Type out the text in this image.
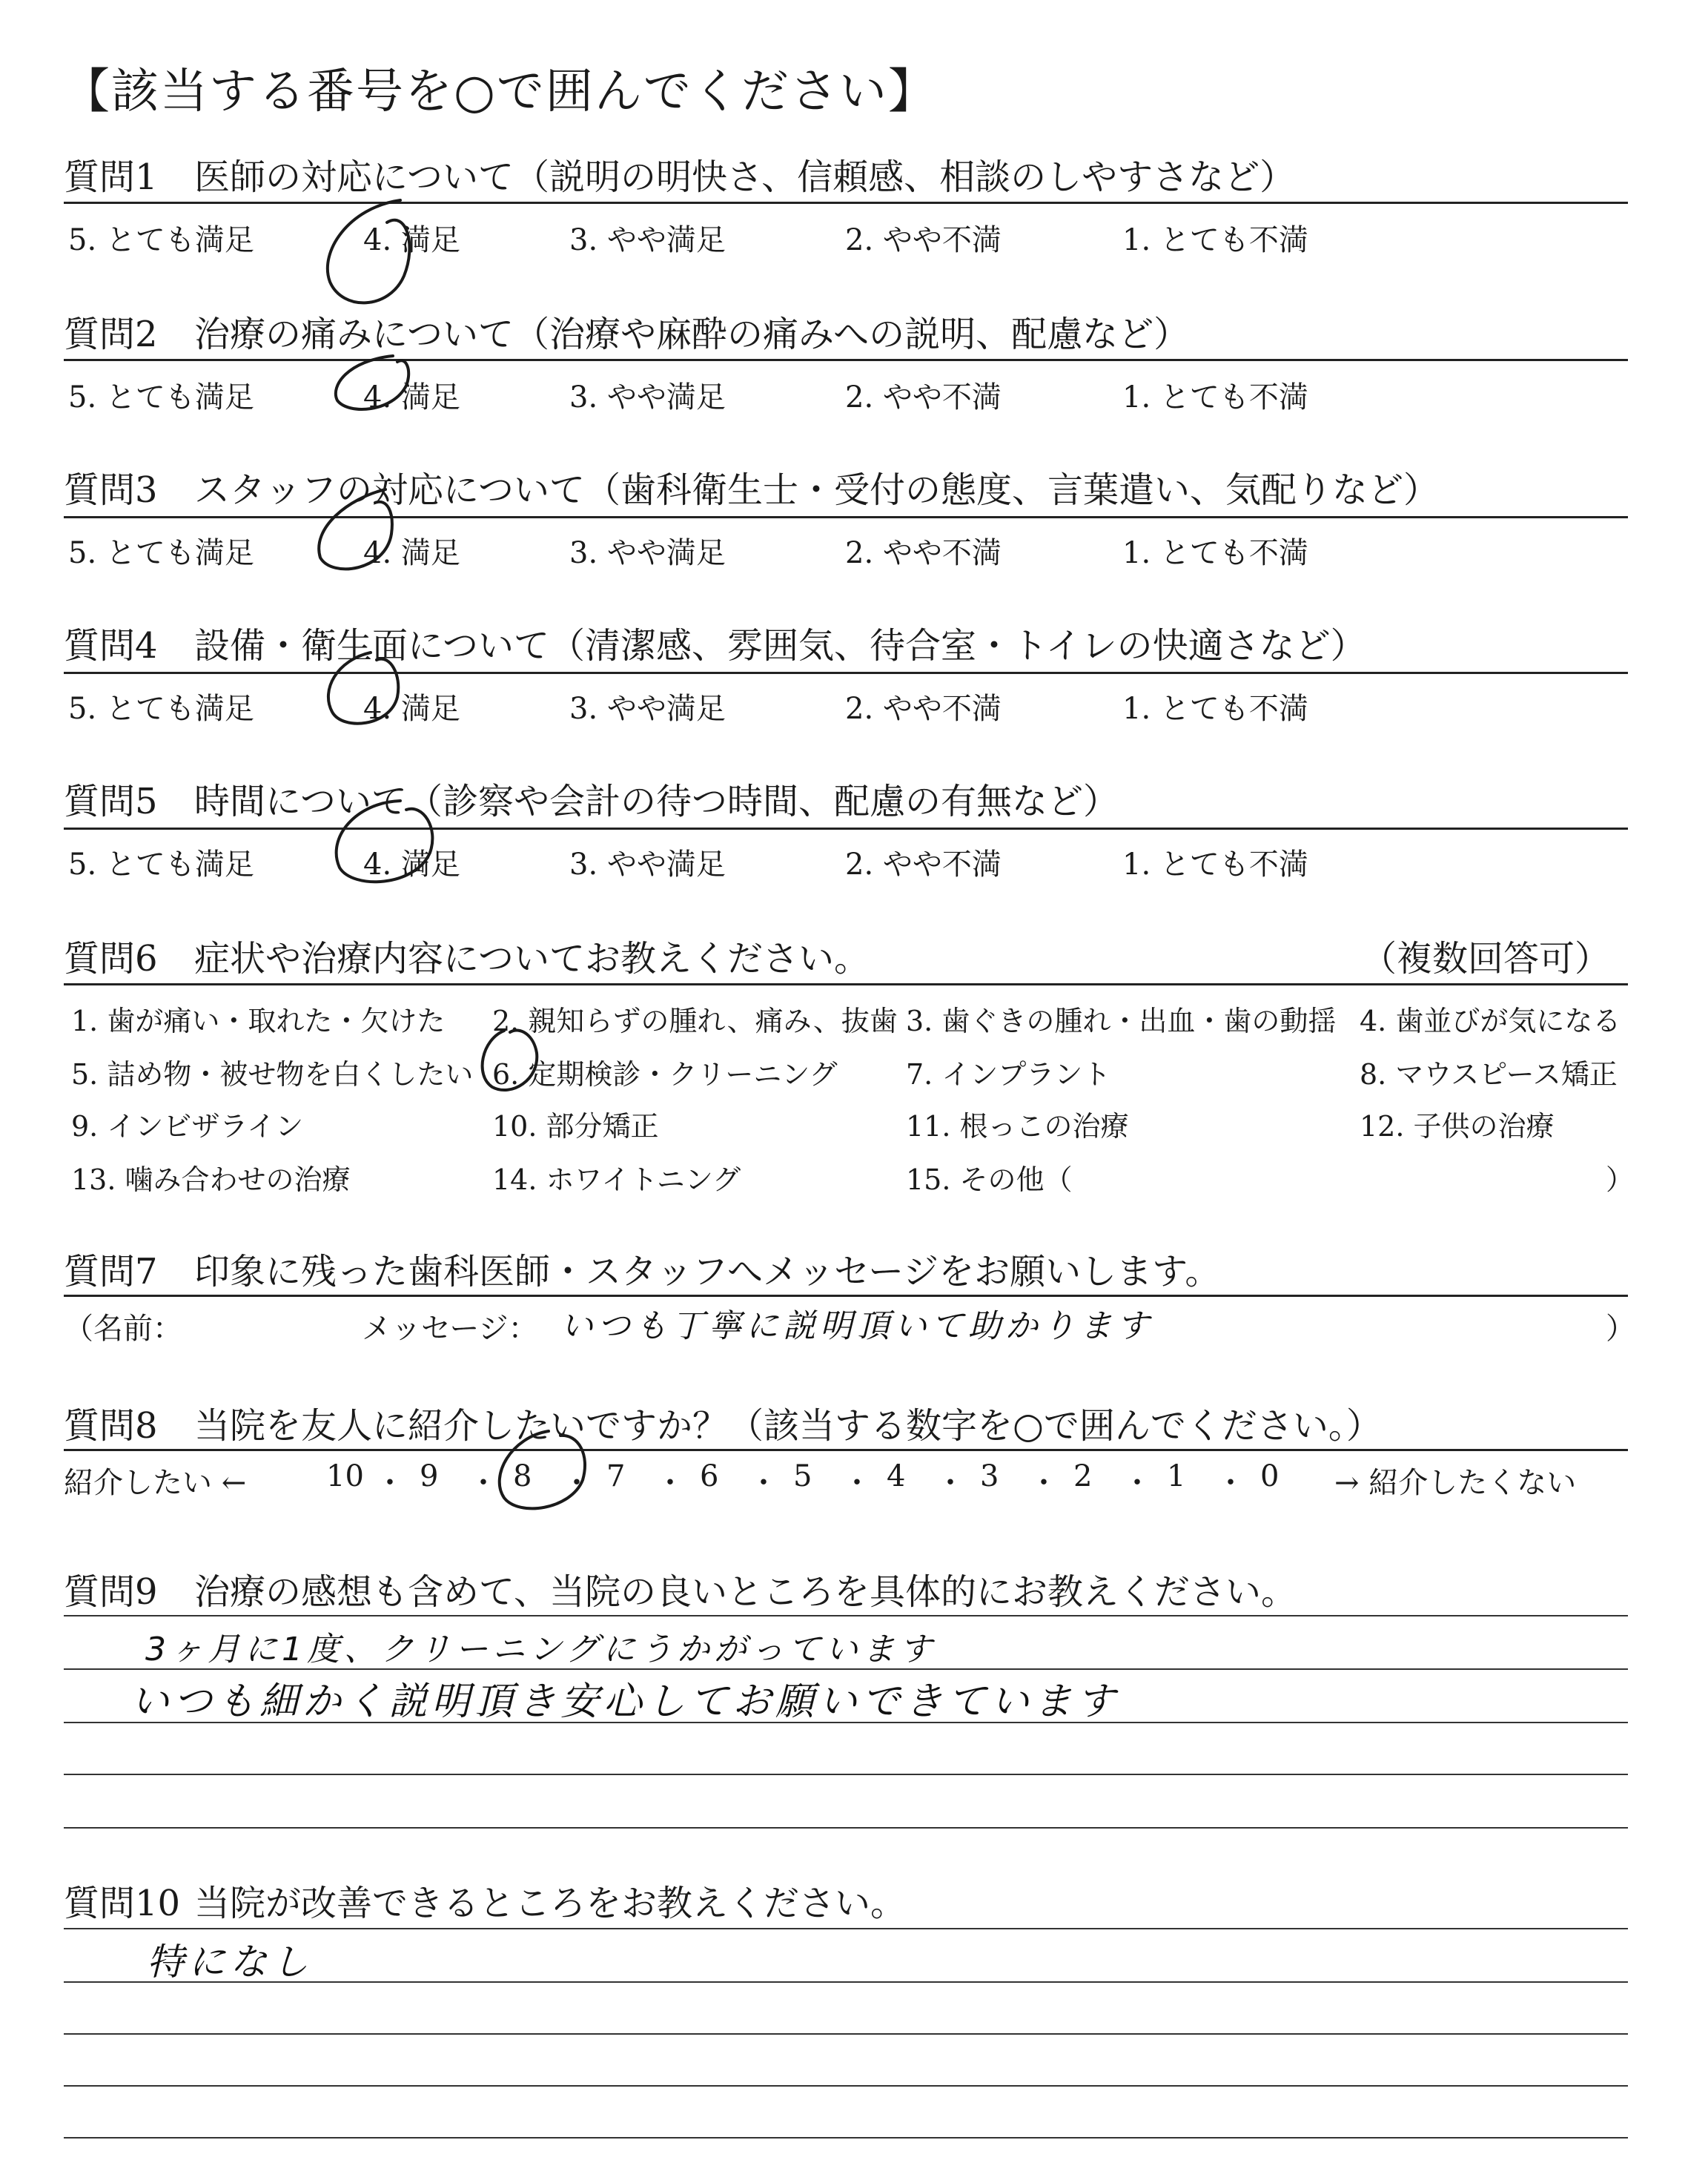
【該当する番号を○で囲んでください】
質問1 医師の対応について（説明の明快さ、信頼感、相談のしやすさなど）
5. とても満足	4. 満足	3. やや満足	2. やや不満	1. とても不満
質問2 治療の痛みについて（治療や麻酔の痛みへの説明、配慮など）
5. とても満足	4. 満足	3. やや満足	2. やや不満	1. とても不満
質問3 スタッフの対応について（歯科衛生士・受付の態度、言葉遣い、気配りなど）
5. とても満足	4. 満足	3. やや満足	2. やや不満	1. とても不満
質問4 設備・衛生面について（清潔感、雰囲気、待合室・トイレの快適さなど）
5. とても満足	4. 満足	3. やや満足	2. やや不満	1. とても不満
質問5 時間について（診察や会計の待つ時間、配慮の有無など）
5. とても満足	4. 満足	3. やや満足	2. やや不満	1. とても不満
質問6 症状や治療内容についてお教えください。	（複数回答可）
1. 歯が痛い・取れた・欠けた 2. 親知らずの腫れ、痛み、抜歯 3. 歯ぐきの腫れ・出血・歯の動揺 4. 歯並びが気になる
5. 詰め物・被せ物を白くしたい 6. 定期検診・クリーニング 7. インプラント	8. マウスピース矯正
9. インビザライン	10. 部分矯正	11. 根っこの治療	12. 子供の治療
13. 噛み合わせの治療	14. ホワイトニング	15. その他（	）
質問7 印象に残った歯科医師・スタッフへメッセージをお願いします。
（名前：	メッセージ： いつも丁寧に説明頂いて助かります	）
質問8 当院を友人に紹介したいですか？（該当する数字を○で囲んでください。）
紹介したい ←	→ 紹介したくない
10 ・ 9 ・ 8 ・ 7 ・ 6 ・ 5 ・ 4 ・ 3 ・ 2 ・ 1 ・ 0
質問9 治療の感想も含めて、当院の良いところを具体的にお教えください。
3ヶ月に1度、クリーニングにうかがっています
いつも細かく説明頂き安心してお願いできています
質問10 当院が改善できるところをお教えください。
特になし
